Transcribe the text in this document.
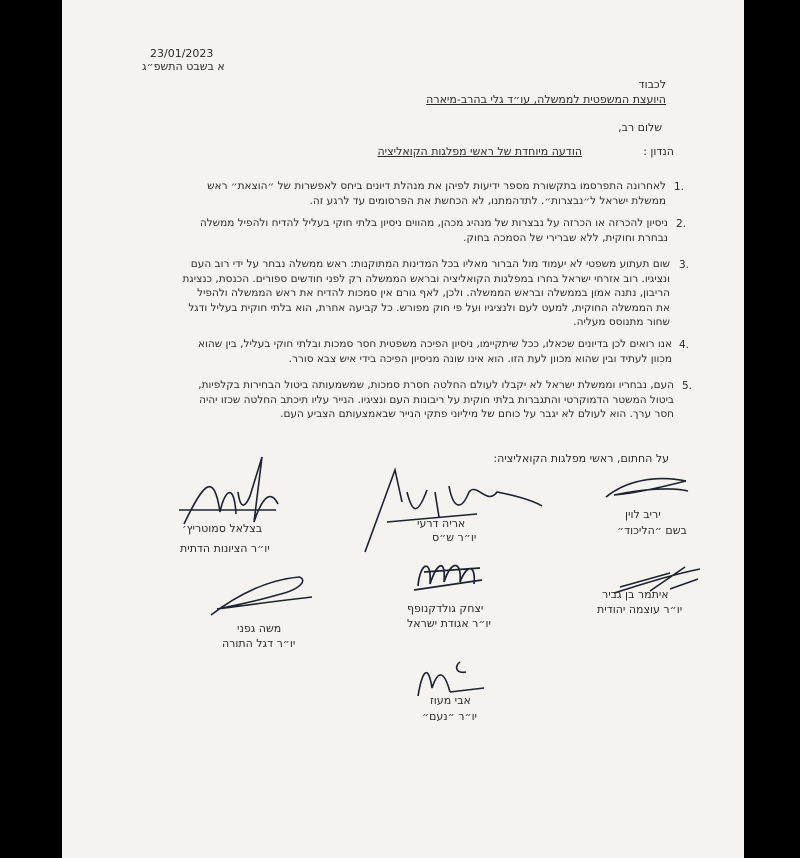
23/01/2023
א בשבט התשפ״ג
לכבוד
היועצת המשפטית לממשלה, עו״ד גלי בהרב-מיארה
שלום רב,
הנדון :
הודעה מיוחדת של ראשי מפלגות הקואליציה
1.
לאחרונה התפרסמו בתקשורת מספר ידיעות לפיהן את מנהלת דיונים ביחס לאפשרות של ״הוצאת״ ראש
ממשלת ישראל ל״נבצרות״. לתדהמתנו, לא הכחשת את הפרסומים עד לרגע זה.
2.
ניסיון להכרזה או הכרזה על נבצרות של מנהיג מכהן, מהווים ניסיון בלתי חוקי בעליל להדיח ולהפיל ממשלה
נבחרת וחוקית, ללא שברירי של הסמכה בחוק.
3.
שום תעתוע משפטי לא יעמוד מול הברור מאליו בכל המדינות המתוקנות: ראש ממשלה נבחר על ידי רוב העם
ונציגיו. רוב אזרחי ישראל בחרו במפלגות הקואליציה ובראש הממשלה רק לפני חודשים ספורים. הכנסת, כנציגת
הריבון, נתנה אמון בממשלה ובראש הממשלה. ולכן, לאף גורם אין סמכות להדיח את ראש הממשלה ולהפיל
את הממשלה החוקית, למעט לעם ולנציגיו ועל פי חוק מפורש. כל קביעה אחרת, הוא בלתי חוקית בעליל ודגל
שחור מתנוסס מעליה.
4.
אנו רואים לכן בדיונים שכאלו, ככל שיתקיימו, ניסיון הפיכה משפטית חסר סמכות ובלתי חוקי בעליל, בין שהוא
מכוון לעתיד ובין שהוא מכוון לעת הזו. הוא אינו שונה מניסיון הפיכה בידי איש צבא סורר.
5.
העם, נבחריו וממשלת ישראל לא יקבלו לעולם החלטה חסרת סמכות, שמשמעותה ביטול הבחירות בקלפיות,
ביטול המשטר הדמוקרטי והתגברות בלתי חוקית על ריבונות העם ונציגיו. הנייר עליו תיכתב החלטה שכזו יהיה
חסר ערך. הוא לעולם לא יגבר על כוחם של מיליוני פתקי הנייר שבאמצעותם הצביע העם.
על החתום, ראשי מפלגות הקואליציה:
בצלאל סמוטריץ׳
יו״ר הציונות הדתית
אריה דרעי
יו״ר ש״ס
יריב לוין
בשם ״הליכוד״
משה גפני
יו״ר דגל התורה
יצחק גולדקנופף
יו״ר אגודת ישראל
איתמר בן גביר
יו״ר עוצמה יהודית
אבי מעוז
יו״ר ״נעם״
